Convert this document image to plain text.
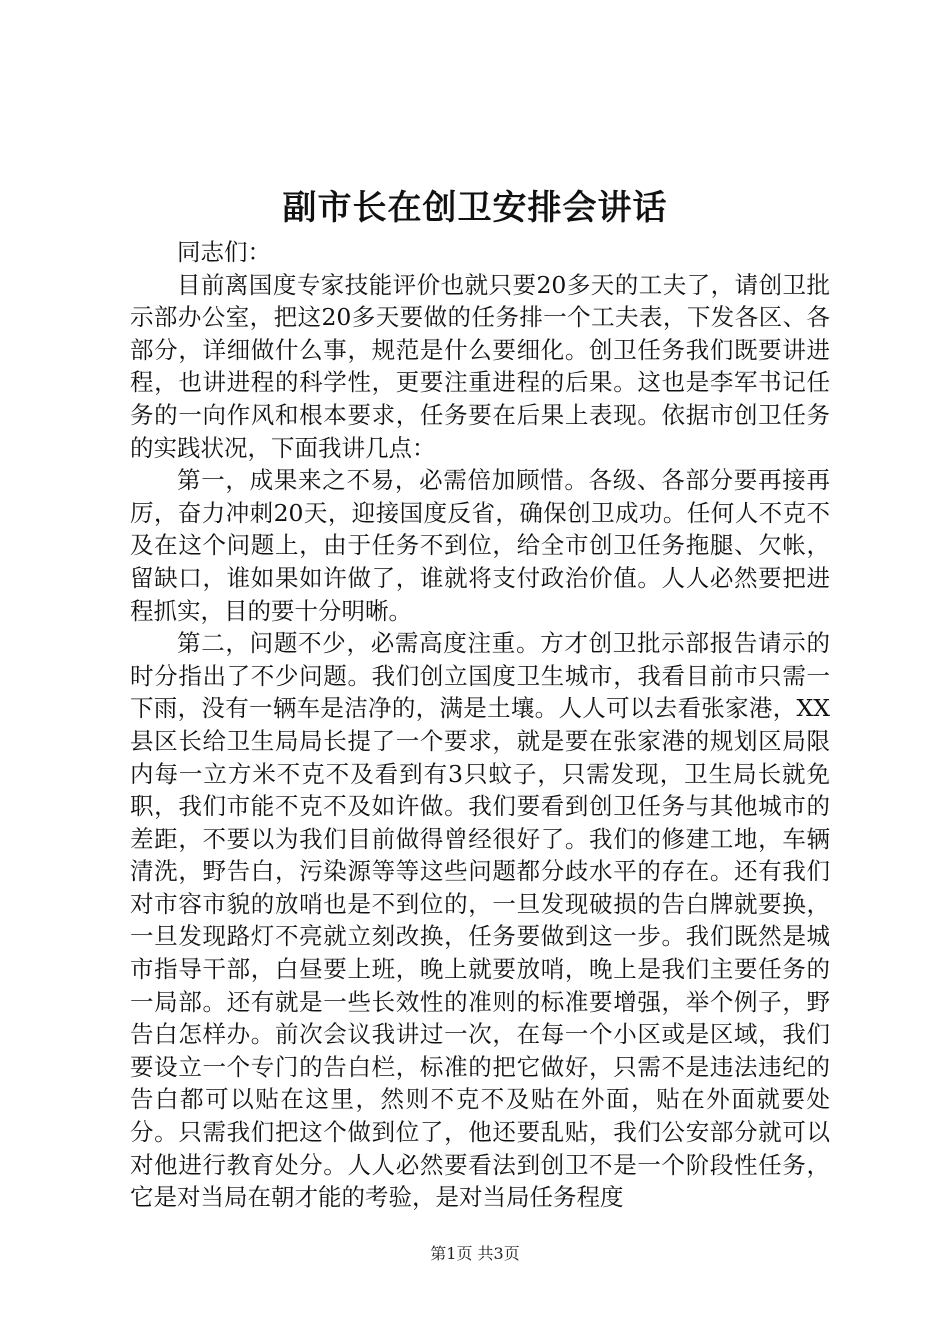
副市长在创卫安排会讲话

同志们：

目前离国度专家技能评价也就只要20多天的工夫了，请创卫批示部办公室，把这20多天要做的任务排一个工夫表，下发各区、各部分，详细做什么事，规范是什么要细化。创卫任务我们既要讲进程，也讲进程的科学性，更要注重进程的后果。这也是李军书记任务的一向作风和根本要求，任务要在后果上表现。依据市创卫任务的实践状况，下面我讲几点：

第一，成果来之不易，必需倍加顾惜。各级、各部分要再接再厉，奋力冲刺20天，迎接国度反省，确保创卫成功。任何人不克不及在这个问题上，由于任务不到位，给全市创卫任务拖腿、欠帐，留缺口，谁如果如许做了，谁就将支付政治价值。人人必然要把进程抓实，目的要十分明晰。

第二，问题不少，必需高度注重。方才创卫批示部报告请示的时分指出了不少问题。我们创立国度卫生城市，我看目前市只需一下雨，没有一辆车是洁净的，满是土壤。人人可以去看张家港，XX县区长给卫生局局长提了一个要求，就是要在张家港的规划区局限内每一立方米不克不及看到有3只蚊子，只需发现，卫生局长就免职，我们市能不克不及如许做。我们要看到创卫任务与其他城市的差距，不要以为我们目前做得曾经很好了。我们的修建工地，车辆清洗，野告白，污染源等等这些问题都分歧水平的存在。还有我们对市容市貌的放哨也是不到位的，一旦发现破损的告白牌就要换，一旦发现路灯不亮就立刻改换，任务要做到这一步。我们既然是城市指导干部，白昼要上班，晚上就要放哨，晚上是我们主要任务的一局部。还有就是一些长效性的准则的标准要增强，举个例子，野告白怎样办。前次会议我讲过一次，在每一个小区或是区域，我们要设立一个专门的告白栏，标准的把它做好，只需不是违法违纪的告白都可以贴在这里，然则不克不及贴在外面，贴在外面就要处分。只需我们把这个做到位了，他还要乱贴，我们公安部分就可以对他进行教育处分。人人必然要看法到创卫不是一个阶段性任务，它是对当局在朝才能的考验，是对当局任务程度

第1页 共3页
